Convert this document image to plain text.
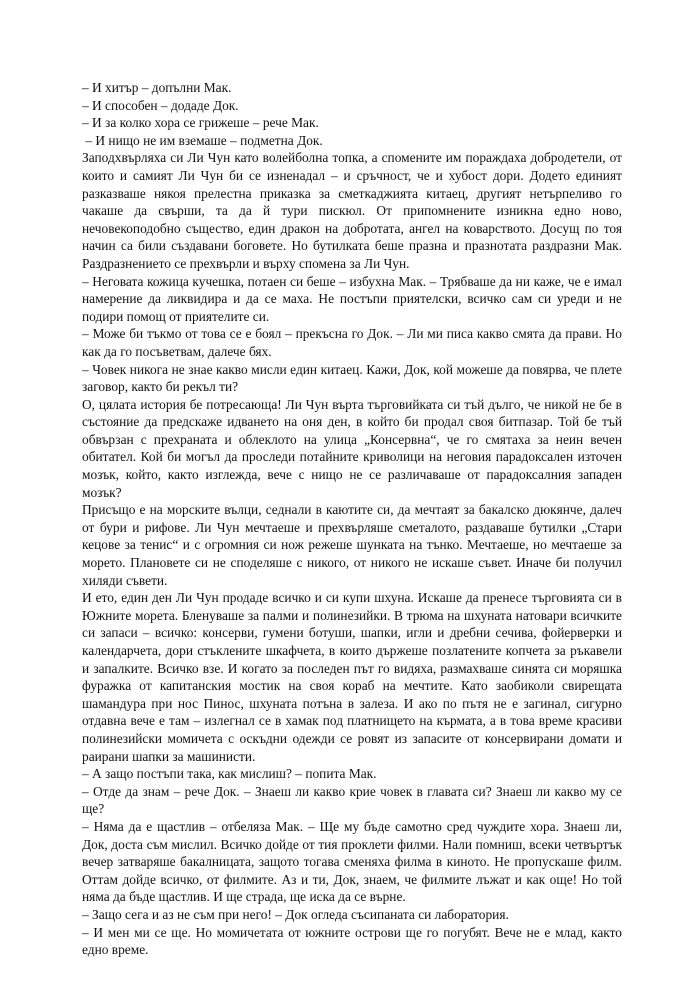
– И хитър – допълни Мак.

– И способен – додаде Док.

– И за колко хора се грижеше – рече Мак.

– И нищо не им вземаше – подметна Док.

Заподхвърляха си Ли Чун като волейболна топка, а спомените им пораждаха добродетели, от които и самият Ли Чун би се изненадал – и сръчност, че и хубост дори. Додето единият разказваше някоя прелестна приказка за сметкаджията китаец, другият нетърпеливо го чакаше да свърши, та да й тури пискюл. От припомнените изникна едно ново, нечовекоподобно същество, един дракон на добротата, ангел на коварството. Досущ по тоя начин са били създавани боговете. Но бутилката беше празна и празнотата раздразни Мак. Раздразнението се прехвърли и върху спомена за Ли Чун.

– Неговата кожица кучешка, потаен си беше – избухна Мак. – Трябваше да ни каже, че е имал намерение да ликвидира и да се маха. Не постъпи приятелски, всичко сам си уреди и не подири помощ от приятелите си.

– Може би тъкмо от това се е боял – прекъсна го Док. – Ли ми писа какво смята да прави. Но как да го посъветвам, далече бях.

– Човек никога не знае какво мисли един китаец. Кажи, Док, кой можеше да повярва, че плете заговор, както би рекъл ти?

О, цялата история бе потресающа! Ли Чун върта търговийката си тъй дълго, че никой не бе в състояние да предскаже идването на оня ден, в който би продал своя битпазар. Той бе тъй обвързан с прехраната и облеклото на улица „Консервна“, че го смятаха за неин вечен обитател. Кой би могъл да проследи потайните криволици на неговия парадоксален източен мозък, който, както изглежда, вече с нищо не се различаваше от парадоксалния западен мозък?

Присъщо е на морските вълци, седнали в каютите си, да мечтаят за бакалско дюкянче, далеч от бури и рифове. Ли Чун мечтаеше и прехвърляше сметалото, раздаваше бутилки „Стари кецове за тенис“ и с огромния си нож режеше шунката на тънко. Мечтаеше, но мечтаеше за морето. Плановете си не споделяше с никого, от никого не искаше съвет. Иначе би получил хиляди съвети.

И ето, един ден Ли Чун продаде всичко и си купи шхуна. Искаше да пренесе търговията си в Южните морета. Бленуваше за палми и полинезийки. В трюма на шхуната натовари всичките си запаси – всичко: консерви, гумени ботуши, шапки, игли и дребни сечива, фойерверки и календарчета, дори стъклените шкафчета, в които държеше позлатените копчета за ръкавели и запалките. Всичко взе. И когато за последен път го видяха, размахваше синята си моряшка фуражка от капитанския мостик на своя кораб на мечтите. Като заобиколи свирещата шамандура при нос Пинос, шхуната потъна в залеза. И ако по пътя не е загинал, сигурно отдавна вече е там – излегнал се в хамак под платнището на кърмата, а в това време красиви полинезийски момичета с оскъдни одежди се ровят из запасите от консервирани домати и раирани шапки за машинисти.

– А защо постъпи така, как мислиш? – попита Мак.

– Отде да знам – рече Док. – Знаеш ли какво крие човек в главата си? Знаеш ли какво му се ще?

– Няма да е щастлив – отбеляза Мак. – Ще му бъде самотно сред чуждите хора. Знаеш ли, Док, доста съм мислил. Всичко дойде от тия проклети филми. Нали помниш, всеки четвъртък вечер затваряше бакалницата, защото тогава сменяха филма в киното. Не пропускаше филм. Оттам дойде всичко, от филмите. Аз и ти, Док, знаем, че филмите лъжат и как още! Но той няма да бъде щастлив. И ще страда, ще иска да се върне.

– Защо сега и аз не съм при него! – Док огледа съсипаната си лаборатория.

– И мен ми се ще. Но момичетата от южните острови ще го погубят. Вече не е млад, както едно време.
